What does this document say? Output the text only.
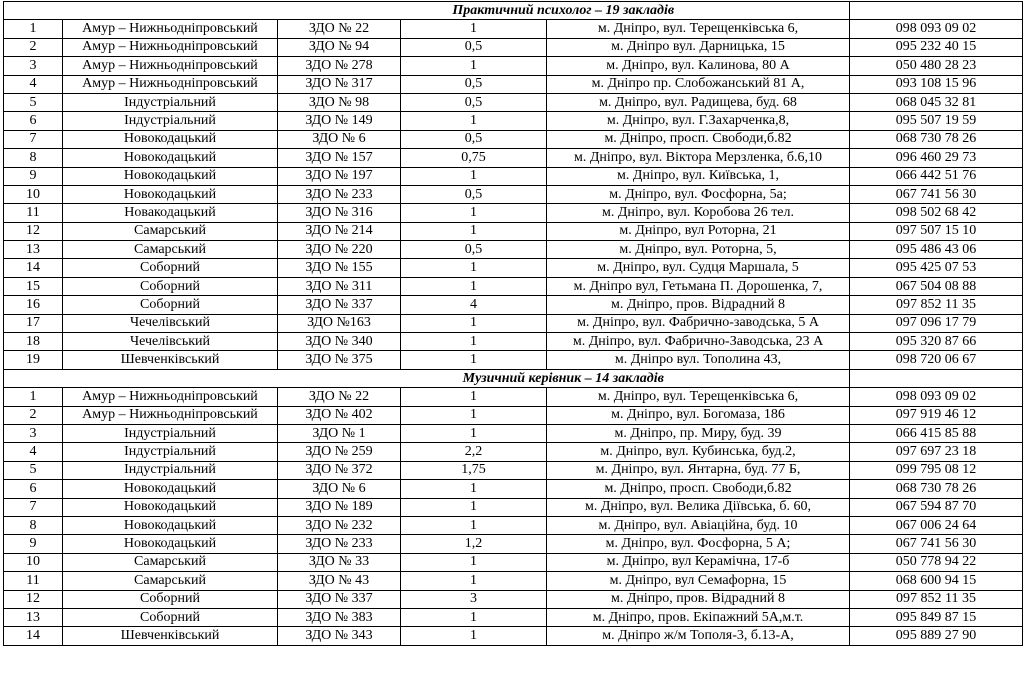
		Практичний психолог – 19 закладів			
1	Амур – Нижньодніпровський	ЗДО № 22	1	м. Дніпро, вул. Терещенківська 6,	098 093 09 02
2	Амур – Нижньодніпровський	ЗДО № 94	0,5	м. Дніпро вул. Дарницька, 15	095 232 40 15
3	Амур – Нижньодніпровський	ЗДО № 278	1	м. Дніпро, вул. Калинова, 80 А	050 480 28 23
4	Амур – Нижньодніпровський	ЗДО № 317	0,5	м. Дніпро пр. Слобожанський 81 А,	093 108 15 96
5	Індустріальний	ЗДО № 98	0,5	м. Дніпро, вул. Радищева, буд. 68	068 045 32 81
6	Індустріальний	ЗДО № 149	1	м. Дніпро, вул. Г.Захарченка,8,	095 507 19 59
7	Новокодацький	ЗДО № 6	0,5	м. Дніпро, просп. Свободи,б.82	068 730 78 26
8	Новокодацький	ЗДО № 157	0,75	м. Дніпро, вул. Віктора Мерзленка, б.6,10	096 460 29 73
9	Новокодацький	ЗДО № 197	1	м. Дніпро, вул. Київська, 1,	066 442 51 76
10	Новокодацький	ЗДО № 233	0,5	м. Дніпро, вул. Фосфорна, 5а;	067 741 56 30
11	Новакодацький	ЗДО № 316	1	м. Дніпро, вул. Коробова 26 тел.	098 502 68 42
12	Самарський	ЗДО № 214	1	м. Дніпро, вул Роторна, 21	097 507 15 10
13	Самарський	ЗДО № 220	0,5	м. Дніпро, вул. Роторна, 5,	095 486 43 06
14	Соборний	ЗДО № 155	1	м. Дніпро, вул. Судця Маршала, 5	095 425 07 53
15	Соборний	ЗДО № 311	1	м. Дніпро вул, Гетьмана П. Дорошенка, 7,	067 504 08 88
16	Соборний	ЗДО № 337	4	м. Дніпро, пров. Відрадний 8	097 852 11 35
17	Чечелівський	ЗДО №163	1	м. Дніпро, вул. Фабрично-заводська, 5 А	097 096 17 79
18	Чечелівський	ЗДО № 340	1	м. Дніпро, вул. Фабрично-Заводська, 23 А	095 320 87 66
19	Шевченківський	ЗДО № 375	1	м. Дніпро вул. Тополина 43,	098 720 06 67
		Музичний керівник – 14 закладів			
1	Амур – Нижньодніпровський	ЗДО № 22	1	м. Дніпро, вул. Терещенківська 6,	098 093 09 02
2	Амур – Нижньодніпровський	ЗДО № 402	1	м. Дніпро, вул. Богомаза, 186	097 919 46 12
3	Індустріальний	ЗДО № 1	1	м. Дніпро, пр. Миру, буд. 39	066 415 85 88
4	Індустріальний	ЗДО № 259	2,2	м. Дніпро, вул. Кубинська, буд.2,	097 697 23 18
5	Індустріальний	ЗДО № 372	1,75	м. Дніпро, вул. Янтарна, буд. 77 Б,	099 795 08 12
6	Новокодацький	ЗДО № 6	1	м. Дніпро, просп. Свободи,б.82	068 730 78 26
7	Новокодацький	ЗДО № 189	1	м. Дніпро, вул. Велика Діївська, б. 60,	067 594 87 70
8	Новокодацький	ЗДО № 232	1	м. Дніпро, вул. Авіаційна, буд. 10	067 006 24 64
9	Новокодацький	ЗДО № 233	1,2	м. Дніпро, вул. Фосфорна, 5 А;	067 741 56 30
10	Самарський	ЗДО № 33	1	м. Дніпро, вул Керамічна, 17-б	050 778 94 22
11	Самарський	ЗДО № 43	1	м. Дніпро, вул Семафорна, 15	068 600 94 15
12	Соборний	ЗДО № 337	3	м. Дніпро, пров. Відрадний 8	097 852 11 35
13	Соборний	ЗДО № 383	1	м. Дніпро, пров. Екіпажний 5А,м.т.	095 849 87 15
14	Шевченківський	ЗДО № 343	1	м. Дніпро ж/м Тополя-3, б.13-А,	095 889 27 90
